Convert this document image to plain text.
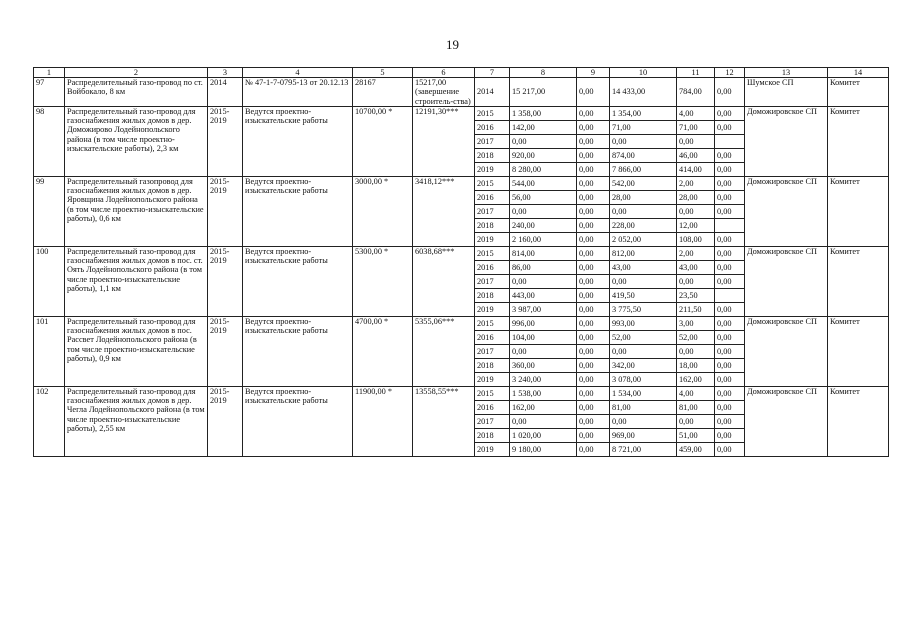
19
1	2	3	4	5	6	7	8	9	10	11	12	13	14
97	Распределительный газо-провод по ст. Войбокало, 8 км	2014	№ 47-1-7-0795-13 от 20.12.13	28167	15217,00 (завершение строитель-ства)	2014	15 217,00	0,00	14 433,00	784,00	0,00	Шумское СП	Комитет
98	Распределительный газо-провод для газоснабжения жилых домов в дер. Доможирово Лодейнопольского района (в том числе проектно-изыскательские работы), 2,3 км	2015-2019	Ведутся проектно-изыскательские работы	10700,00 *	12191,30***	2015	1 358,00	0,00	1 354,00	4,00	0,00	Доможировское СП	Комитет
						2016	142,00	0,00	71,00	71,00	0,00		
						2017	0,00	0,00	0,00	0,00			
						2018	920,00	0,00	874,00	46,00	0,00		
						2019	8 280,00	0,00	7 866,00	414,00	0,00		
99	Распределительный газопровод для газоснабжения жилых домов в дер. Яровщина Лодейнопольского района (в том числе проектно-изыскательские работы), 0,6 км	2015-2019	Ведутся проектно-изыскательские работы	3000,00 *	3418,12***	2015	544,00	0,00	542,00	2,00	0,00	Доможировское СП	Комитет
						2016	56,00	0,00	28,00	28,00	0,00		
						2017	0,00	0,00	0,00	0,00	0,00		
						2018	240,00	0,00	228,00	12,00			
						2019	2 160,00	0,00	2 052,00	108,00	0,00		
100	Распределительный газо-провод для газоснабжения жилых домов в пос. ст. Оять Лодейнопольского района (в том числе проектно-изыскательские работы), 1,1 км	2015-2019	Ведутся проектно-изыскательские работы	5300,00 *	6038,68***	2015	814,00	0,00	812,00	2,00	0,00	Доможировское СП	Комитет
						2016	86,00	0,00	43,00	43,00	0,00		
						2017	0,00	0,00	0,00	0,00	0,00		
						2018	443,00	0,00	419,50	23,50			
						2019	3 987,00	0,00	3 775,50	211,50	0,00		
101	Распределительный газо-провод для газоснабжения жилых домов в пос. Рассвет Лодейнопольского района (в том числе проектно-изыскательские работы), 0,9 км	2015-2019	Ведутся проектно-изыскательские работы	4700,00 *	5355,06***	2015	996,00	0,00	993,00	3,00	0,00	Доможировское СП	Комитет
						2016	104,00	0,00	52,00	52,00	0,00		
						2017	0,00	0,00	0,00	0,00	0,00		
						2018	360,00	0,00	342,00	18,00	0,00		
						2019	3 240,00	0,00	3 078,00	162,00	0,00		
102	Распределительный газо-провод для газоснабжения жилых домов в дер. Чегла Лодейнопольского района (в том числе проектно-изыскательские работы), 2,55 км	2015-2019	Ведутся проектно-изыскательские работы	11900,00 *	13558,55***	2015	1 538,00	0,00	1 534,00	4,00	0,00	Доможировское СП	Комитет
						2016	162,00	0,00	81,00	81,00	0,00		
						2017	0,00	0,00	0,00	0,00	0,00		
						2018	1 020,00	0,00	969,00	51,00	0,00		
						2019	9 180,00	0,00	8 721,00	459,00	0,00		
